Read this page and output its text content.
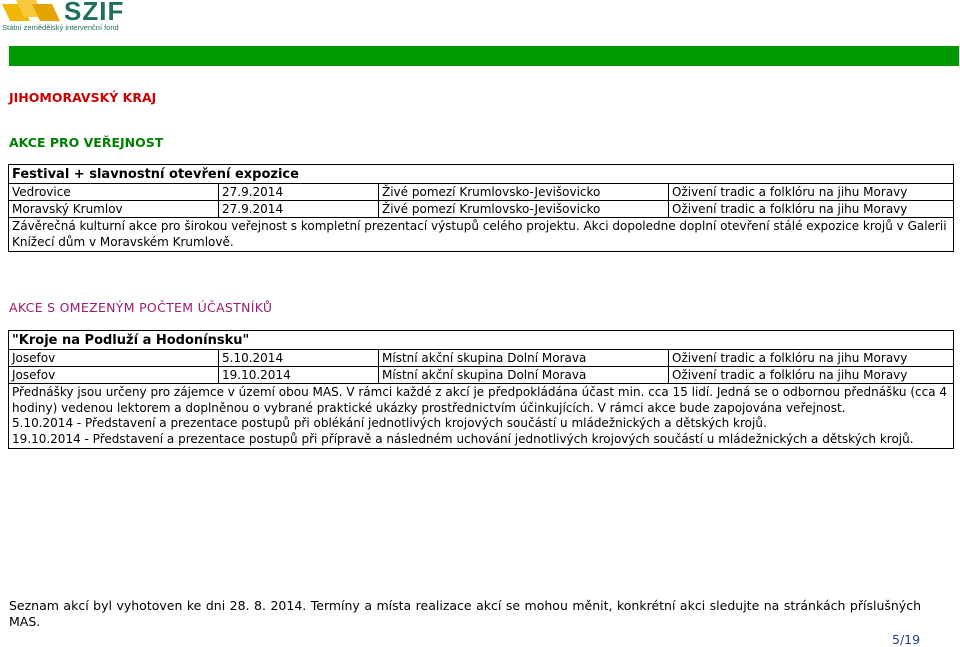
SZIF
Státní zemědělský intervenční fond
JIHOMORAVSKÝ KRAJ
AKCE PRO VEŘEJNOST
Festival + slavnostní otevření expozice			
Vedrovice	27.9.2014	Živé pomezí Krumlovsko-Jevišovicko	Oživení tradic a folklóru na jihu Moravy
Moravský Krumlov	27.9.2014	Živé pomezí Krumlovsko-Jevišovicko	Oživení tradic a folklóru na jihu Moravy
Závěrečná kulturní akce pro širokou veřejnost s kompletní prezentací výstupů celého projektu. Akci dopoledne doplní otevření stálé expozice krojů v Galerii Knížecí dům v Moravském Krumlově.			
AKCE S OMEZENÝM POČTEM ÚČASTNÍKŮ
"Kroje na Podluží a Hodonínsku"			
Josefov	5.10.2014	Místní akční skupina Dolní Morava	Oživení tradic a folklóru na jihu Moravy
Josefov	19.10.2014	Místní akční skupina Dolní Morava	Oživení tradic a folklóru na jihu Moravy

Přednášky jsou určeny pro zájemce v území obou MAS. V rámci každé z akcí je předpokládána účast min. cca 15 lidí. Jedná se o odbornou přednášku (cca 4 hodiny) vedenou lektorem a doplněnou o vybrané praktické ukázky prostřednictvím účinkujících. V rámci akce bude zapojována veřejnost.
5.10.2014 - Představení a prezentace postupů při oblékání jednotlivých krojových součástí u mládežnických a dětských krojů.
19.10.2014 - Představení a prezentace postupů při přípravě a následném uchování jednotlivých krojových součástí u mládežnických a dětských krojů.			
Seznam akcí byl vyhotoven ke dni 28. 8. 2014. Termíny a místa realizace akcí se mohou měnit, konkrétní akci sledujte na stránkách příslušných MAS.
5/19
